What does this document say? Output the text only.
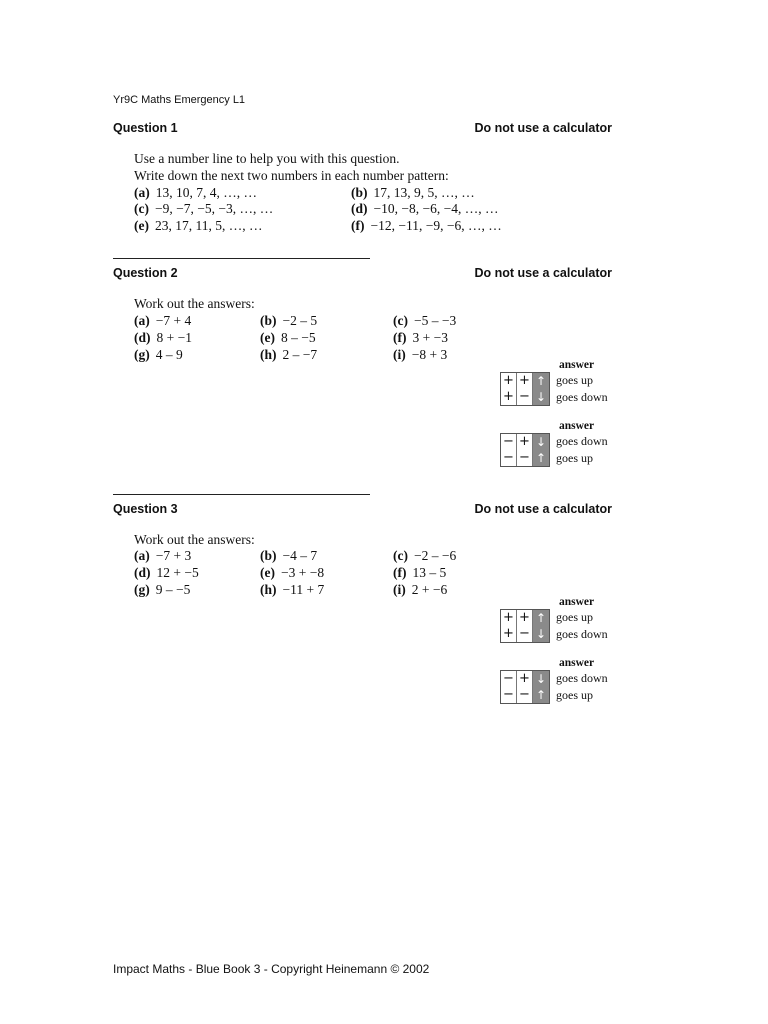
Yr9C Maths Emergency L1
Question 1	Do not use a calculator
Use a number line to help you with this question.
Write down the next two numbers in each number pattern:
(a) 13, 10, 7, 4, …, …	(b) 17, 13, 9, 5, …, …
(c) −9, −7, −5, −3, …, …	(d) −10, −8, −6, −4, …, …
(e) 23, 17, 11, 5, …, …	(f) −12, −11, −9, −6, …, …
Question 2	Do not use a calculator
Work out the answers:
(a) −7 + 4	(b) −2 – 5	(c) −5 – −3
(d) 8 + −1	(e) 8 – −5	(f) 3 + −3
(g) 4 – 9	(h) 2 – −7	(i) −8 + 3
answer
+ + ↑ goes up
+ − ↓ goes down
answer
− + ↓ goes down
− − ↑ goes up
Question 3	Do not use a calculator
Work out the answers:
(a) −7 + 3	(b) −4 – 7	(c) −2 – −6
(d) 12 + −5	(e) −3 + −8	(f) 13 – 5
(g) 9 – −5	(h) −11 + 7	(i) 2 + −6
answer
+ + ↑ goes up
+ − ↓ goes down
answer
− + ↓ goes down
− − ↑ goes up
Impact Maths - Blue Book 3 - Copyright Heinemann © 2002
